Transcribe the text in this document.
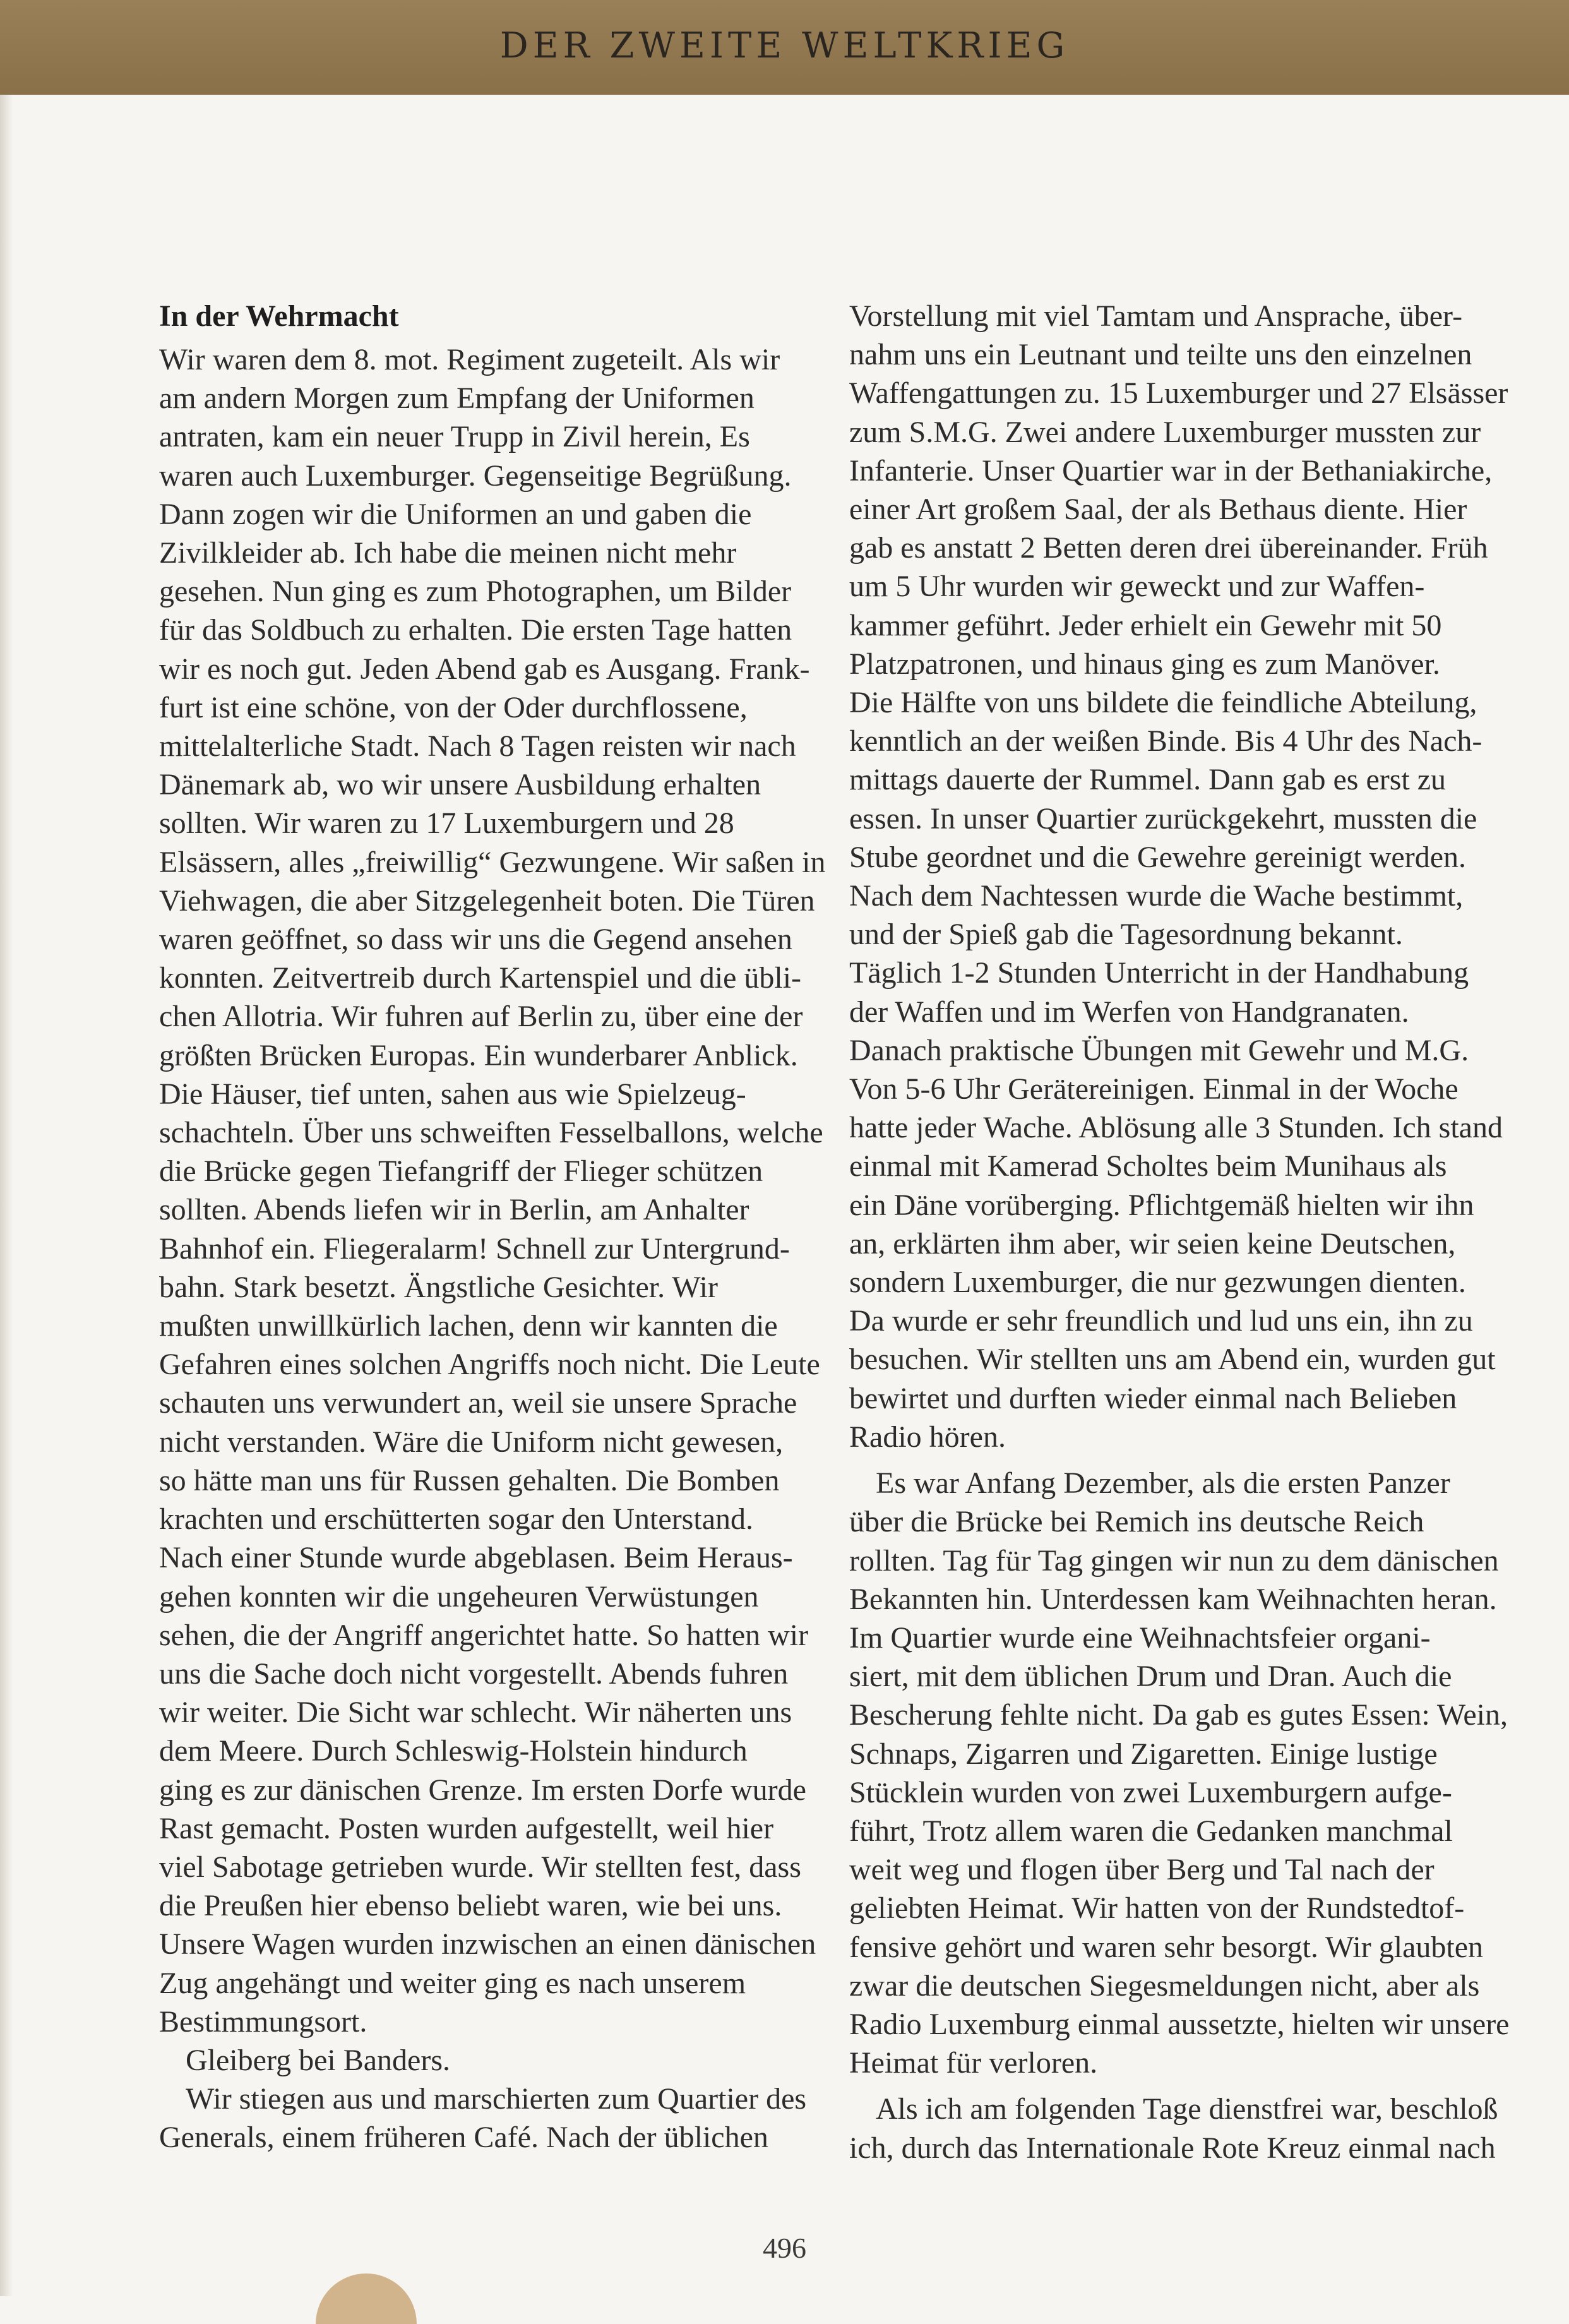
DER ZWEITE WELTKRIEG
In der Wehrmacht
Wir waren dem 8. mot. Regiment zugeteilt. Als wir
am andern Morgen zum Empfang der Uniformen
antraten, kam ein neuer Trupp in Zivil herein, Es
waren auch Luxemburger. Gegenseitige Begrüßung.
Dann zogen wir die Uniformen an und gaben die
Zivilkleider ab. Ich habe die meinen nicht mehr
gesehen. Nun ging es zum Photographen, um Bilder
für das Soldbuch zu erhalten. Die ersten Tage hatten
wir es noch gut. Jeden Abend gab es Ausgang. Frank-
furt ist eine schöne, von der Oder durchflossene,
mittelalterliche Stadt. Nach 8 Tagen reisten wir nach
Dänemark ab, wo wir unsere Ausbildung erhalten
sollten. Wir waren zu 17 Luxemburgern und 28
Elsässern, alles „freiwillig“ Gezwungene. Wir saßen in
Viehwagen, die aber Sitzgelegenheit boten. Die Türen
waren geöffnet, so dass wir uns die Gegend ansehen
konnten. Zeitvertreib durch Kartenspiel und die übli-
chen Allotria. Wir fuhren auf Berlin zu, über eine der
größten Brücken Europas. Ein wunderbarer Anblick.
Die Häuser, tief unten, sahen aus wie Spielzeug-
schachteln. Über uns schweiften Fesselballons, welche
die Brücke gegen Tiefangriff der Flieger schützen
sollten. Abends liefen wir in Berlin, am Anhalter
Bahnhof ein. Fliegeralarm! Schnell zur Untergrund-
bahn. Stark besetzt. Ängstliche Gesichter. Wir
mußten unwillkürlich lachen, denn wir kannten die
Gefahren eines solchen Angriffs noch nicht. Die Leute
schauten uns verwundert an, weil sie unsere Sprache
nicht verstanden. Wäre die Uniform nicht gewesen,
so hätte man uns für Russen gehalten. Die Bomben
krachten und erschütterten sogar den Unterstand.
Nach einer Stunde wurde abgeblasen. Beim Heraus-
gehen konnten wir die ungeheuren Verwüstungen
sehen, die der Angriff angerichtet hatte. So hatten wir
uns die Sache doch nicht vorgestellt. Abends fuhren
wir weiter. Die Sicht war schlecht. Wir näherten uns
dem Meere. Durch Schleswig-Holstein hindurch
ging es zur dänischen Grenze. Im ersten Dorfe wurde
Rast gemacht. Posten wurden aufgestellt, weil hier
viel Sabotage getrieben wurde. Wir stellten fest, dass
die Preußen hier ebenso beliebt waren, wie bei uns.
Unsere Wagen wurden inzwischen an einen dänischen
Zug angehängt und weiter ging es nach unserem
Bestimmungsort.
Gleiberg bei Banders.
Wir stiegen aus und marschierten zum Quartier des
Generals, einem früheren Café. Nach der üblichen
Vorstellung mit viel Tamtam und Ansprache, über-
nahm uns ein Leutnant und teilte uns den einzelnen
Waffengattungen zu. 15 Luxemburger und 27 Elsässer
zum S.M.G. Zwei andere Luxemburger mussten zur
Infanterie. Unser Quartier war in der Bethaniakirche,
einer Art großem Saal, der als Bethaus diente. Hier
gab es anstatt 2 Betten deren drei übereinander. Früh
um 5 Uhr wurden wir geweckt und zur Waffen-
kammer geführt. Jeder erhielt ein Gewehr mit 50
Platzpatronen, und hinaus ging es zum Manöver.
Die Hälfte von uns bildete die feindliche Abteilung,
kenntlich an der weißen Binde. Bis 4 Uhr des Nach-
mittags dauerte der Rummel. Dann gab es erst zu
essen. In unser Quartier zurückgekehrt, mussten die
Stube geordnet und die Gewehre gereinigt werden.
Nach dem Nachtessen wurde die Wache bestimmt,
und der Spieß gab die Tagesordnung bekannt.
Täglich 1-2 Stunden Unterricht in der Handhabung
der Waffen und im Werfen von Handgranaten.
Danach praktische Übungen mit Gewehr und M.G.
Von 5-6 Uhr Gerätereinigen. Einmal in der Woche
hatte jeder Wache. Ablösung alle 3 Stunden. Ich stand
einmal mit Kamerad Scholtes beim Munihaus als
ein Däne vorüberging. Pflichtgemäß hielten wir ihn
an, erklärten ihm aber, wir seien keine Deutschen,
sondern Luxemburger, die nur gezwungen dienten.
Da wurde er sehr freundlich und lud uns ein, ihn zu
besuchen. Wir stellten uns am Abend ein, wurden gut
bewirtet und durften wieder einmal nach Belieben
Radio hören.
Es war Anfang Dezember, als die ersten Panzer
über die Brücke bei Remich ins deutsche Reich
rollten. Tag für Tag gingen wir nun zu dem dänischen
Bekannten hin. Unterdessen kam Weihnachten heran.
Im Quartier wurde eine Weihnachtsfeier organi-
siert, mit dem üblichen Drum und Dran. Auch die
Bescherung fehlte nicht. Da gab es gutes Essen: Wein,
Schnaps, Zigarren und Zigaretten. Einige lustige
Stücklein wurden von zwei Luxemburgern aufge-
führt, Trotz allem waren die Gedanken manchmal
weit weg und flogen über Berg und Tal nach der
geliebten Heimat. Wir hatten von der Rundstedtof-
fensive gehört und waren sehr besorgt. Wir glaubten
zwar die deutschen Siegesmeldungen nicht, aber als
Radio Luxemburg einmal aussetzte, hielten wir unsere
Heimat für verloren.
Als ich am folgenden Tage dienstfrei war, beschloß
ich, durch das Internationale Rote Kreuz einmal nach
496
